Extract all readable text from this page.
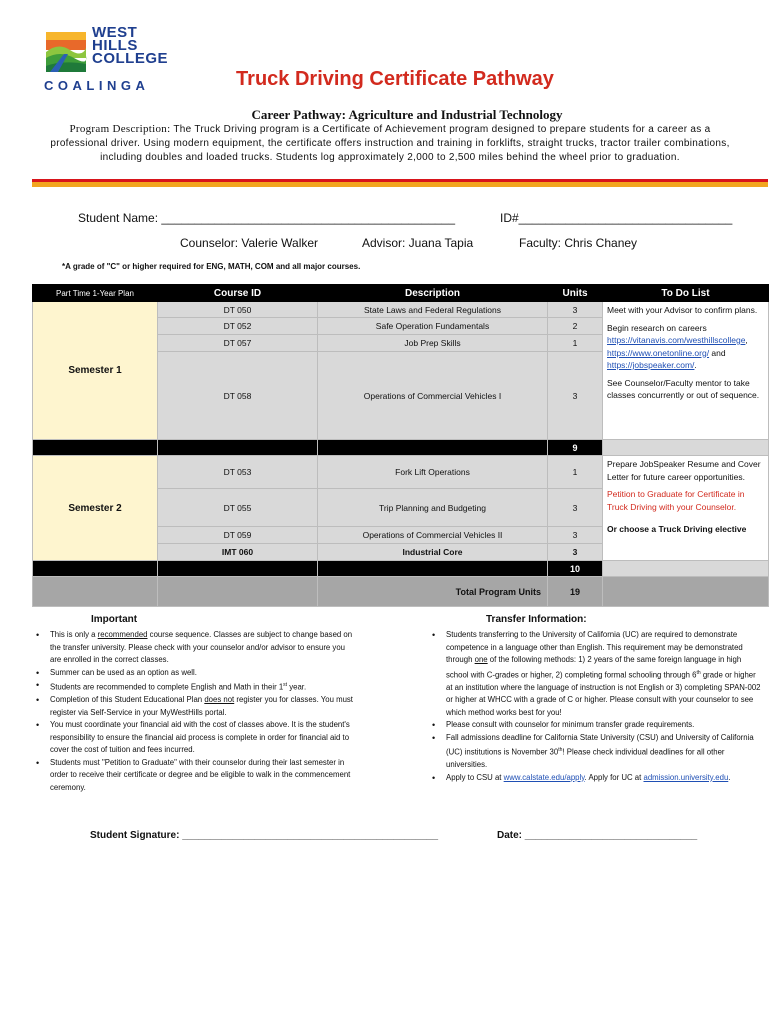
WEST
HILLS
COLLEGE
COALINGA	Truck Driving Certificate Pathway
Career Pathway: Agriculture and Industrial Technology
Program Description: The Truck Driving program is a Certificate of Achievement program designed to prepare students for a career as a professional driver. Using modern equipment, the certificate offers instruction and training in forklifts, straight trucks, tractor trailer combinations, including doubles and loaded trucks. Students log approximately 2,000 to 2,500 miles behind the wheel prior to graduation.
Student Name: ____________________________________________	ID#________________________________
Counselor: Valerie Walker	Advisor: Juana Tapia	Faculty: Chris Chaney
*A grade of "C" or higher required for ENG, MATH, COM and all major courses.
Part Time 1-Year Plan	Course ID	Description	Units	To Do List
Semester 1	DT 050	State Laws and Federal Regulations	3	Meet with your Advisor to confirm plans.

Begin research on careers
https://vitanavis.com/westhillscollege, https://www.onetonline.org/ and https://jobspeaker.com/.

See Counselor/Faculty mentor to take classes concurrently or out of sequence.

	DT 052	Safe Operation Fundamentals	2	
	DT 057	Job Prep Skills	1	
	DT 058	Operations of Commercial Vehicles I	3	
			9	
Semester 2	DT 053	Fork Lift Operations	1	Prepare JobSpeaker Resume and Cover Letter for future career opportunities.

Petition to Graduate for Certificate in Truck Driving with your Counselor.

Or choose a Truck Driving elective

	DT 055	Trip Planning and Budgeting	3	
	DT 059	Operations of Commercial Vehicles II	3	
	IMT 060	Industrial Core	3	
			10	
		Total Program Units	19	
Important
• This is only a recommended course sequence. Classes are subject to change based on the transfer university. Please check with your counselor and/or advisor to ensure you are enrolled in the correct classes.
• Summer can be used as an option as well.
• Students are recommended to complete English and Math in their 1st year.
• Completion of this Student Educational Plan does not register you for classes. You must register via Self-Service in your MyWestHills portal.
• You must coordinate your financial aid with the cost of classes above. It is the student's responsibility to ensure the financial aid process is complete in order for financial aid to cover the cost of tuition and fees incurred.
• Students must "Petition to Graduate" with their counselor during their last semester in order to receive their certificate or degree and be eligible to walk in the commencement ceremony.
Transfer Information:
• Students transferring to the University of California (UC) are required to demonstrate competence in a language other than English. This requirement may be demonstrated through one of the following methods: 1) 2 years of the same foreign language in high school with C-grades or higher, 2) completing formal schooling through 6th grade or higher at an institution where the language of instruction is not English or 3) completing SPAN-002 or higher at WHCC with a grade of C or higher. Please consult with your counselor to see which method works best for you!
• Please consult with counselor for minimum transfer grade requirements.
• Fall admissions deadline for California State University (CSU) and University of California (UC) institutions is November 30th! Please check individual deadlines for all other universities.
• Apply to CSU at www.calstate.edu/apply. Apply for UC at admission.university.edu.
Student Signature: ______________________________________________	Date: _______________________________
